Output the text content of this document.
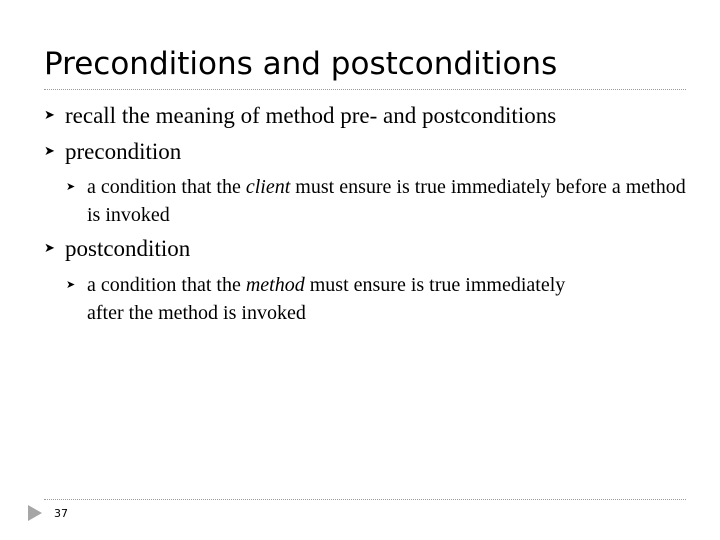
Preconditions and postconditions
➤ recall the meaning of method pre- and postconditions
➤ precondition
➤ a condition that the client must ensure is true immediately before a method is invoked
➤ postcondition
➤ a condition that the method must ensure is true immediately after the method is invoked
37
